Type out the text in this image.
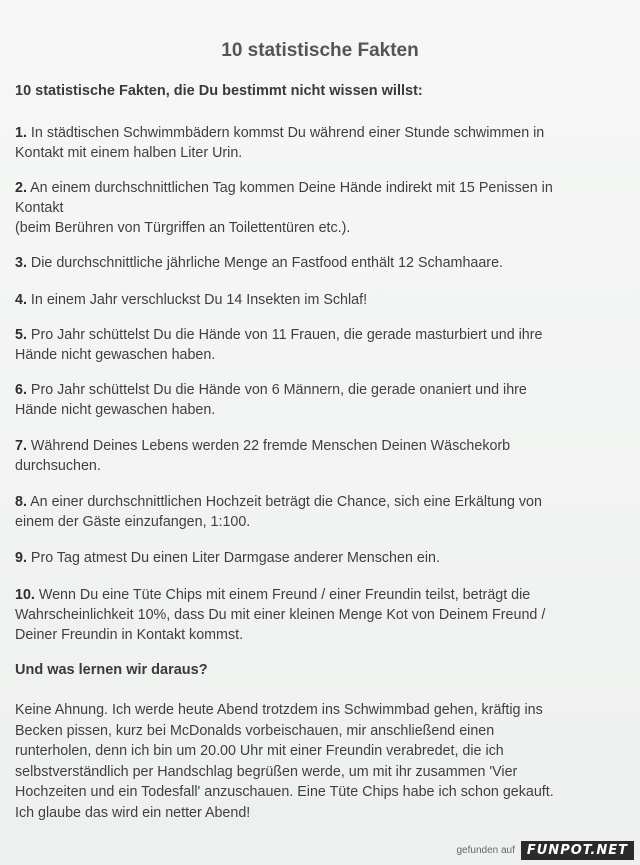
10 statistische Fakten
10 statistische Fakten, die Du bestimmt nicht wissen willst:
1. In städtischen Schwimmbädern kommst Du während einer Stunde schwimmen in
Kontakt mit einem halben Liter Urin.
2. An einem durchschnittlichen Tag kommen Deine Hände indirekt mit 15 Penissen in
Kontakt
(beim Berühren von Türgriffen an Toilettentüren etc.).
3. Die durchschnittliche jährliche Menge an Fastfood enthält 12 Schamhaare.
4. In einem Jahr verschluckst Du 14 Insekten im Schlaf!
5. Pro Jahr schüttelst Du die Hände von 11 Frauen, die gerade masturbiert und ihre
Hände nicht gewaschen haben.
6. Pro Jahr schüttelst Du die Hände von 6 Männern, die gerade onaniert und ihre
Hände nicht gewaschen haben.
7. Während Deines Lebens werden 22 fremde Menschen Deinen Wäschekorb
durchsuchen.
8. An einer durchschnittlichen Hochzeit beträgt die Chance, sich eine Erkältung von
einem der Gäste einzufangen, 1:100.
9. Pro Tag atmest Du einen Liter Darmgase anderer Menschen ein.
10. Wenn Du eine Tüte Chips mit einem Freund / einer Freundin teilst, beträgt die
Wahrscheinlichkeit 10%, dass Du mit einer kleinen Menge Kot von Deinem Freund /
Deiner Freundin in Kontakt kommst.
Und was lernen wir daraus?
Keine Ahnung. Ich werde heute Abend trotzdem ins Schwimmbad gehen, kräftig ins
Becken pissen, kurz bei McDonalds vorbeischauen, mir anschließend einen
runterholen, denn ich bin um 20.00 Uhr mit einer Freundin verabredet, die ich
selbstverständlich per Handschlag begrüßen werde, um mit ihr zusammen 'Vier
Hochzeiten und ein Todesfall' anzuschauen. Eine Tüte Chips habe ich schon gekauft.
Ich glaube das wird ein netter Abend!
gefunden auf FUNPOT.NET
